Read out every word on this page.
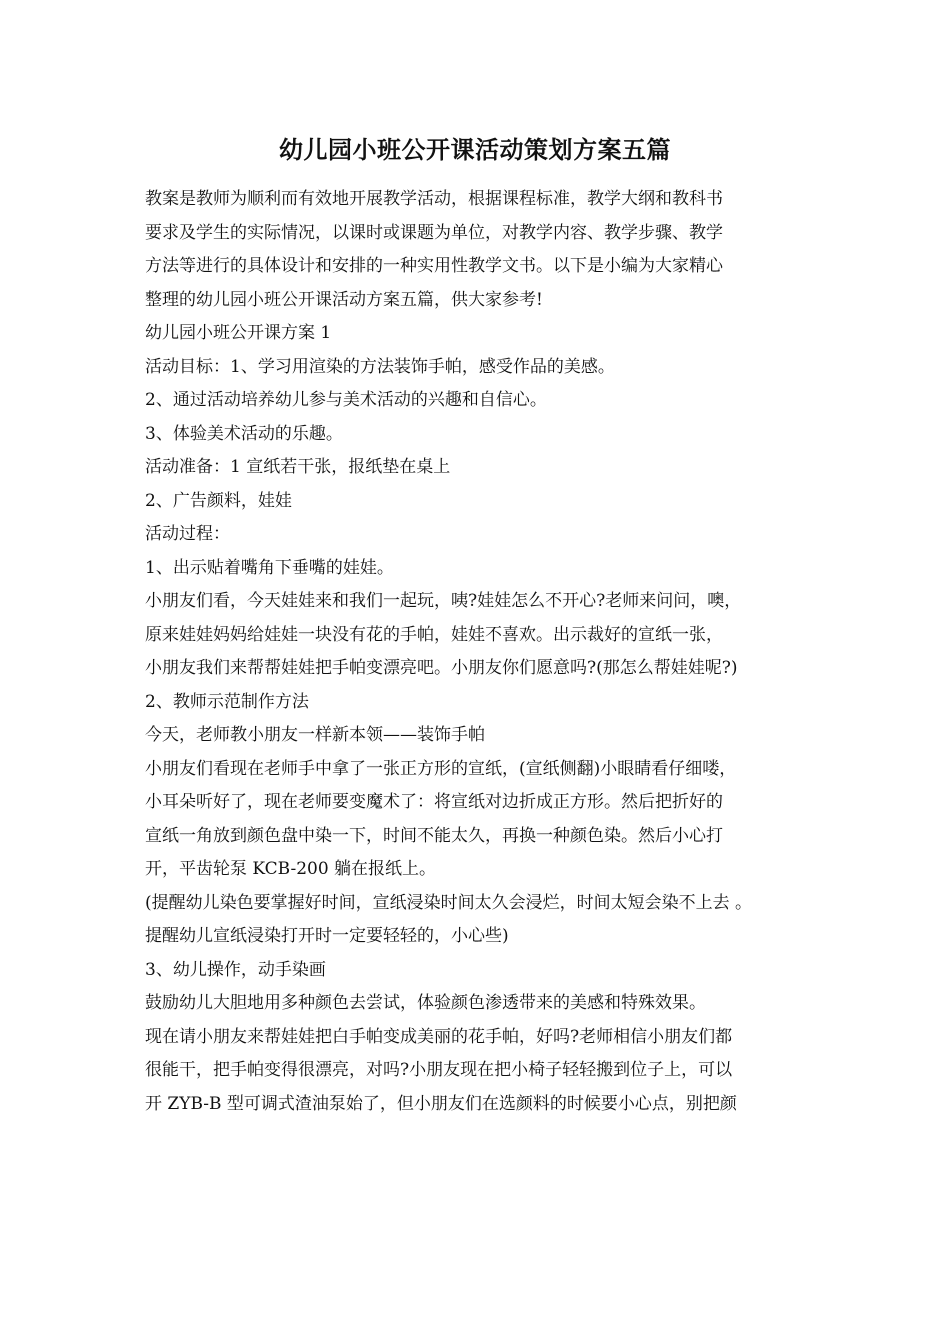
幼儿园小班公开课活动策划方案五篇

教案是教师为顺利而有效地开展教学活动，根据课程标准，教学大纲和教科书

要求及学生的实际情况，以课时或课题为单位，对教学内容、教学步骤、教学

方法等进行的具体设计和安排的一种实用性教学文书。以下是小编为大家精心

整理的幼儿园小班公开课活动方案五篇，供大家参考!

幼儿园小班公开课方案 1

活动目标：1、学习用渲染的方法装饰手帕，感受作品的美感。

2、通过活动培养幼儿参与美术活动的兴趣和自信心。

3、体验美术活动的乐趣。

活动准备：1 宣纸若干张，报纸垫在桌上

2、广告颜料，娃娃

活动过程：

1、出示贴着嘴角下垂嘴的娃娃。

小朋友们看，今天娃娃来和我们一起玩，咦?娃娃怎么不开心?老师来问问，噢，

原来娃娃妈妈给娃娃一块没有花的手帕，娃娃不喜欢。出示裁好的宣纸一张，

小朋友我们来帮帮娃娃把手帕变漂亮吧。小朋友你们愿意吗?(那怎么帮娃娃呢?)

2、教师示范制作方法

今天，老师教小朋友一样新本领——装饰手帕

小朋友们看现在老师手中拿了一张正方形的宣纸，(宣纸侧翻)小眼睛看仔细喽，

小耳朵听好了，现在老师要变魔术了：将宣纸对边折成正方形。然后把折好的

宣纸一角放到颜色盘中染一下，时间不能太久，再换一种颜色染。然后小心打

开，平齿轮泵 KCB-200 躺在报纸上。

(提醒幼儿染色要掌握好时间，宣纸浸染时间太久会浸烂，时间太短会染不上去 。

提醒幼儿宣纸浸染打开时一定要轻轻的，小心些)

3、幼儿操作，动手染画

鼓励幼儿大胆地用多种颜色去尝试，体验颜色渗透带来的美感和特殊效果。

现在请小朋友来帮娃娃把白手帕变成美丽的花手帕，好吗?老师相信小朋友们都

很能干，把手帕变得很漂亮，对吗?小朋友现在把小椅子轻轻搬到位子上，可以

开 ZYB-B 型可调式渣油泵始了，但小朋友们在选颜料的时候要小心点，别把颜
